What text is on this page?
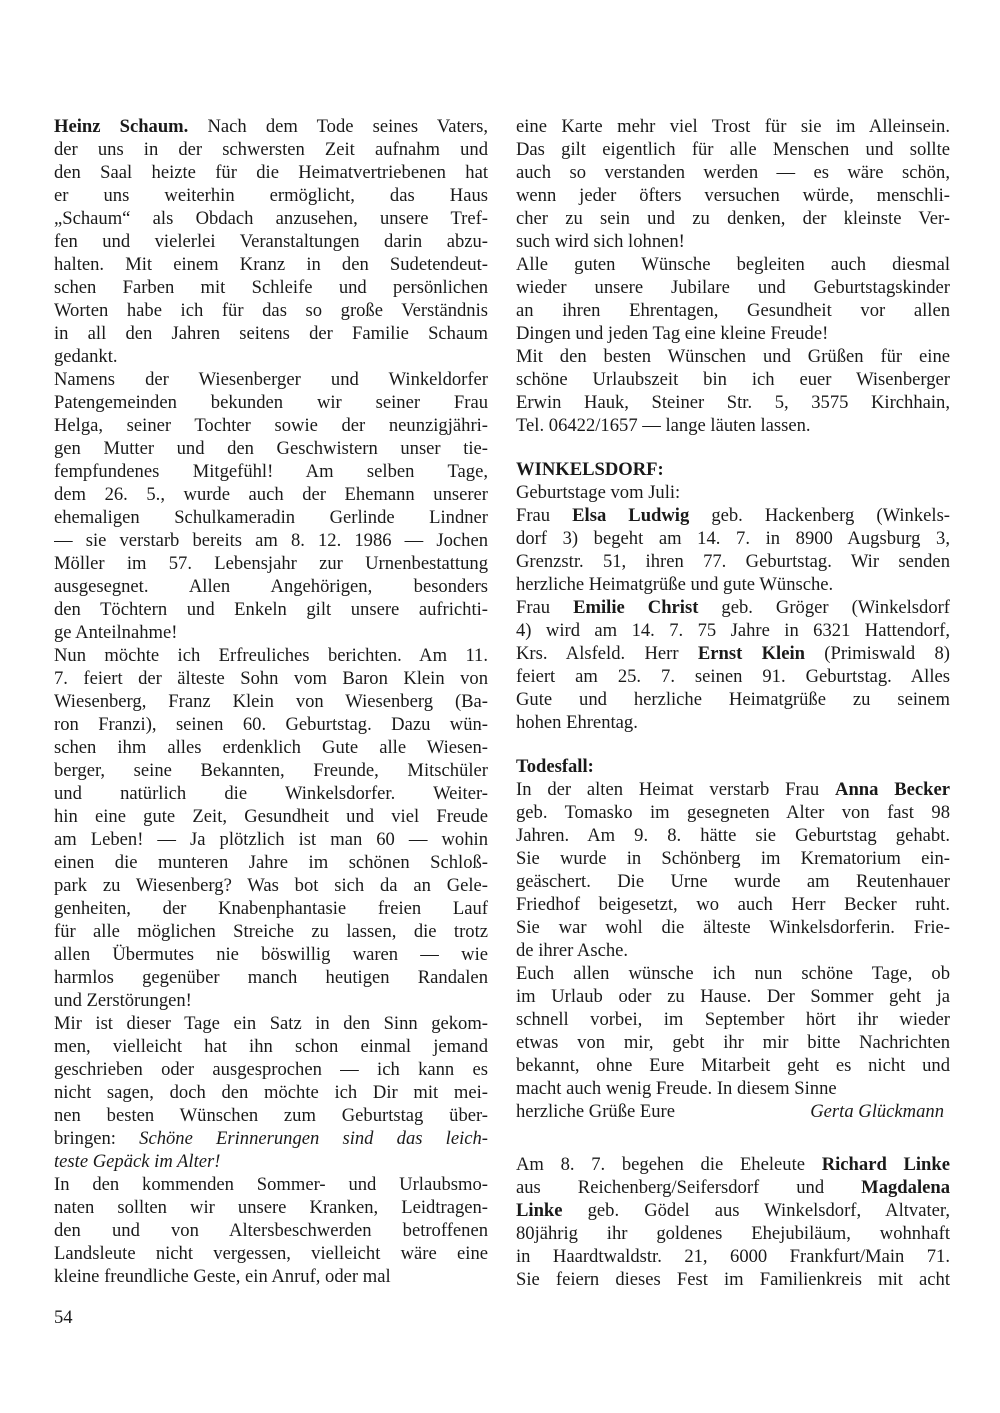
Heinz Schaum. Nach dem Tode seines Vaters,
der uns in der schwersten Zeit aufnahm und
den Saal heizte für die Heimatvertriebenen hat
er uns weiterhin ermöglicht, das Haus
„Schaum“ als Obdach anzusehen, unsere Tref-
fen und vielerlei Veranstaltungen darin abzu-
halten. Mit einem Kranz in den Sudetendeut-
schen Farben mit Schleife und persönlichen
Worten habe ich für das so große Verständnis
in all den Jahren seitens der Familie Schaum
gedankt.
Namens der Wiesenberger und Winkeldorfer
Patengemeinden bekunden wir seiner Frau
Helga, seiner Tochter sowie der neunzigjähri-
gen Mutter und den Geschwistern unser tie-
fempfundenes Mitgefühl! Am selben Tage,
dem 26. 5., wurde auch der Ehemann unserer
ehemaligen Schulkameradin Gerlinde Lindner
— sie verstarb bereits am 8. 12. 1986 — Jochen
Möller im 57. Lebensjahr zur Urnenbestattung
ausgesegnet. Allen Angehörigen, besonders
den Töchtern und Enkeln gilt unsere aufrichti-
ge Anteilnahme!
Nun möchte ich Erfreuliches berichten. Am 11.
7. feiert der älteste Sohn vom Baron Klein von
Wiesenberg, Franz Klein von Wiesenberg (Ba-
ron Franzi), seinen 60. Geburtstag. Dazu wün-
schen ihm alles erdenklich Gute alle Wiesen-
berger, seine Bekannten, Freunde, Mitschüler
und natürlich die Winkelsdorfer. Weiter-
hin eine gute Zeit, Gesundheit und viel Freude
am Leben! — Ja plötzlich ist man 60 — wohin
einen die munteren Jahre im schönen Schloß-
park zu Wiesenberg? Was bot sich da an Gele-
genheiten, der Knabenphantasie freien Lauf
für alle möglichen Streiche zu lassen, die trotz
allen Übermutes nie böswillig waren — wie
harmlos gegenüber manch heutigen Randalen
und Zerstörungen!
Mir ist dieser Tage ein Satz in den Sinn gekom-
men, vielleicht hat ihn schon einmal jemand
geschrieben oder ausgesprochen — ich kann es
nicht sagen, doch den möchte ich Dir mit mei-
nen besten Wünschen zum Geburtstag über-
bringen: Schöne Erinnerungen sind das leich-
teste Gepäck im Alter!
In den kommenden Sommer- und Urlaubsmo-
naten sollten wir unsere Kranken, Leidtragen-
den und von Altersbeschwerden betroffenen
Landsleute nicht vergessen, vielleicht wäre eine
kleine freundliche Geste, ein Anruf, oder mal
eine Karte mehr viel Trost für sie im Alleinsein.
Das gilt eigentlich für alle Menschen und sollte
auch so verstanden werden — es wäre schön,
wenn jeder öfters versuchen würde, menschli-
cher zu sein und zu denken, der kleinste Ver-
such wird sich lohnen!
Alle guten Wünsche begleiten auch diesmal
wieder unsere Jubilare und Geburtstagskinder
an ihren Ehrentagen, Gesundheit vor allen
Dingen und jeden Tag eine kleine Freude!
Mit den besten Wünschen und Grüßen für eine
schöne Urlaubszeit bin ich euer Wisenberger
Erwin Hauk, Steiner Str. 5, 3575 Kirchhain,
Tel. 06422/1657 — lange läuten lassen.
WINKELSDORF:
Geburtstage vom Juli:
Frau Elsa Ludwig geb. Hackenberg (Winkels-
dorf 3) begeht am 14. 7. in 8900 Augsburg 3,
Grenzstr. 51, ihren 77. Geburtstag. Wir senden
herzliche Heimatgrüße und gute Wünsche.
Frau Emilie Christ geb. Gröger (Winkelsdorf
4) wird am 14. 7. 75 Jahre in 6321 Hattendorf,
Krs. Alsfeld. Herr Ernst Klein (Primiswald 8)
feiert am 25. 7. seinen 91. Geburtstag. Alles
Gute und herzliche Heimatgrüße zu seinem
hohen Ehrentag.
Todesfall:
In der alten Heimat verstarb Frau Anna Becker
geb. Tomasko im gesegneten Alter von fast 98
Jahren. Am 9. 8. hätte sie Geburtstag gehabt.
Sie wurde in Schönberg im Krematorium ein-
geäschert. Die Urne wurde am Reutenhauer
Friedhof beigesetzt, wo auch Herr Becker ruht.
Sie war wohl die älteste Winkelsdorferin. Frie-
de ihrer Asche.
Euch allen wünsche ich nun schöne Tage, ob
im Urlaub oder zu Hause. Der Sommer geht ja
schnell vorbei, im September hört ihr wieder
etwas von mir, gebt ihr mir bitte Nachrichten
bekannt, ohne Eure Mitarbeit geht es nicht und
macht auch wenig Freude. In diesem Sinne
herzliche Grüße Eure	Gerta Glückmann
Am 8. 7. begehen die Eheleute Richard Linke
aus Reichenberg/Seifersdorf und Magdalena
Linke geb. Gödel aus Winkelsdorf, Altvater,
80jährig ihr goldenes Ehejubiläum, wohnhaft
in Haardtwaldstr. 21, 6000 Frankfurt/Main 71.
Sie feiern dieses Fest im Familienkreis mit acht
54
